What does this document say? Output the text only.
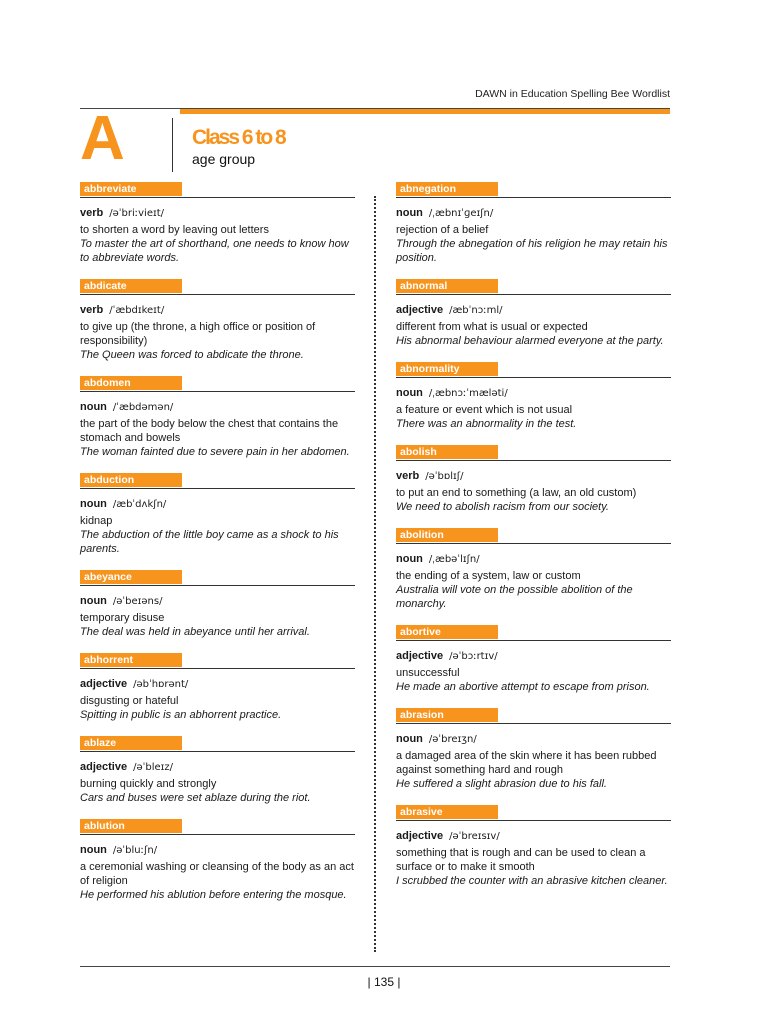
DAWN in Education Spelling Bee Wordlist
A	Class 6 to 8
age group
abbreviate
verb /əˈbriːvieɪt/
to shorten a word by leaving out letters
To master the art of shorthand, one needs to know how to abbreviate words.
abdicate
verb /ˈæbdɪkeɪt/
to give up (the throne, a high office or position of responsibility)
The Queen was forced to abdicate the throne.
abdomen
noun /ˈæbdəmən/
the part of the body below the chest that contains the stomach and bowels
The woman fainted due to severe pain in her abdomen.
abduction
noun /æbˈdʌkʃn/
kidnap
The abduction of the little boy came as a shock to his parents.
abeyance
noun /əˈbeɪəns/
temporary disuse
The deal was held in abeyance until her arrival.
abhorrent
adjective /əbˈhɒrənt/
disgusting or hateful
Spitting in public is an abhorrent practice.
ablaze
adjective /əˈbleɪz/
burning quickly and strongly
Cars and buses were set ablaze during the riot.
ablution
noun /əˈbluːʃn/
a ceremonial washing or cleansing of the body as an act of religion
He performed his ablution before entering the mosque.
abnegation
noun /ˌæbnɪˈɡeɪʃn/
rejection of a belief
Through the abnegation of his religion he may retain his position.
abnormal
adjective /æbˈnɔːml/
different from what is usual or expected
His abnormal behaviour alarmed everyone at the party.
abnormality
noun /ˌæbnɔːˈmæləti/
a feature or event which is not usual
There was an abnormality in the test.
abolish
verb /əˈbɒlɪʃ/
to put an end to something (a law, an old custom)
We need to abolish racism from our society.
abolition
noun /ˌæbəˈlɪʃn/
the ending of a system, law or custom
Australia will vote on the possible abolition of the monarchy.
abortive
adjective /əˈbɔːrtɪv/
unsuccessful
He made an abortive attempt to escape from prison.
abrasion
noun /əˈbreɪʒn/
a damaged area of the skin where it has been rubbed against something hard and rough
He suffered a slight abrasion due to his fall.
abrasive
adjective /əˈbreɪsɪv/
something that is rough and can be used to clean a surface or to make it smooth
I scrubbed the counter with an abrasive kitchen cleaner.
| 135 |
